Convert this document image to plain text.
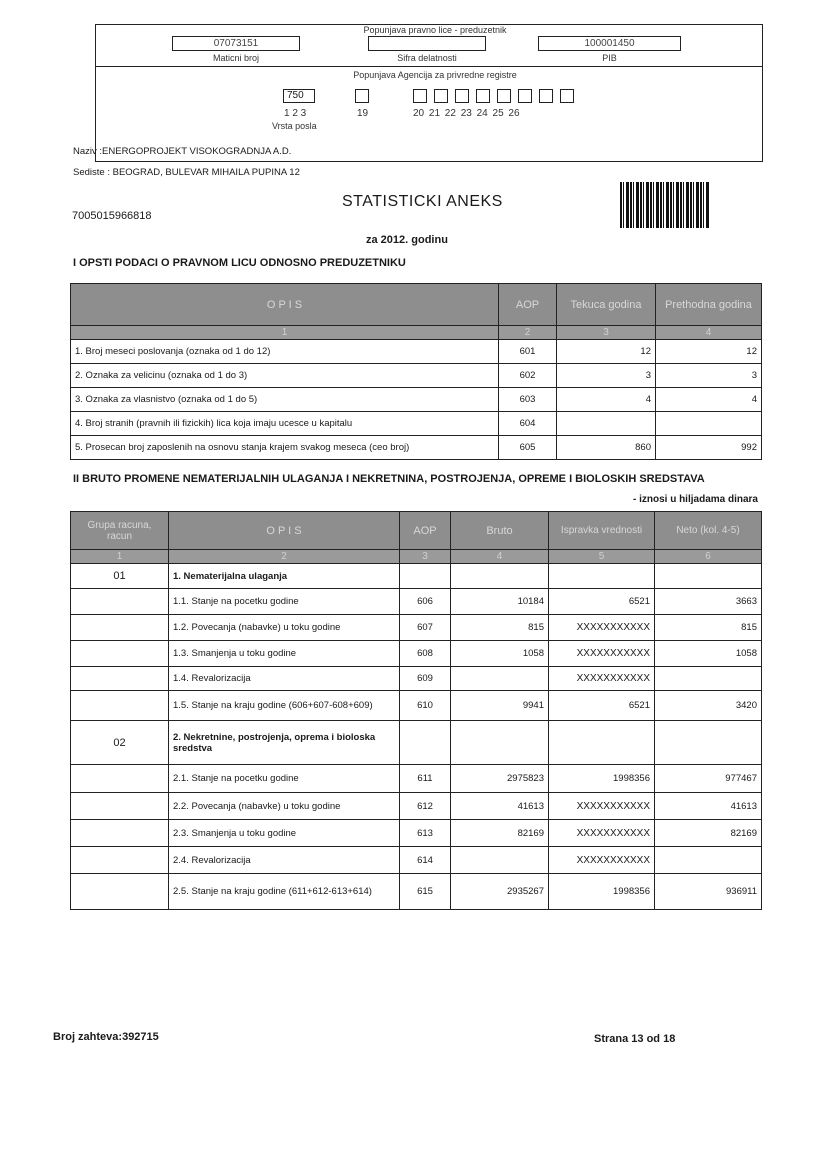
Popunjava pravno lice - preduzetnik
07073151
Maticni broj	Sifra delatnosti
100001450
PIB
Popunjava Agencija za privredne registre
750
1 2 3	19	20 21 22 23 24 25 26
Vrsta posla
Naziv :ENERGOPROJEKT VISOKOGRADNJA A.D.
Sediste : BEOGRAD, BULEVAR MIHAILA PUPINA 12
STATISTICKI ANEKS
7005015966818
za 2012. godinu
I OPSTI PODACI O PRAVNOM LICU ODNOSNO PREDUZETNIKU
O P I S	AOP	Tekuca godina	Prethodna godina
1	2	3	4
1. Broj meseci poslovanja (oznaka od 1 do 12)	601	12	12
2. Oznaka za velicinu (oznaka od 1 do 3)	602	3	3
3. Oznaka za vlasnistvo (oznaka od 1 do 5)	603	4	4
4. Broj stranih (pravnih ili fizickih) lica koja imaju ucesce u kapitalu	604		
5. Prosecan broj zaposlenih na osnovu stanja krajem svakog meseca (ceo broj)	605	860	992
II BRUTO PROMENE NEMATERIJALNIH ULAGANJA I NEKRETNINA, POSTROJENJA, OPREME I BIOLOSKIH SREDSTAVA
- iznosi u hiljadama dinara
Grupa racuna, racun	O P I S	AOP	Bruto	Ispravka vrednosti	Neto (kol. 4-5)
1	2	3	4	5	6
01	1. Nematerijalna ulaganja				
	1.1. Stanje na pocetku godine	606	10184	6521	3663
	1.2. Povecanja (nabavke) u toku godine	607	815	XXXXXXXXXXX	815
	1.3. Smanjenja u toku godine	608	1058	XXXXXXXXXXX	1058
	1.4. Revalorizacija	609		XXXXXXXXXXX	
	1.5. Stanje na kraju godine (606+607-608+609)	610	9941	6521	3420
02	2. Nekretnine, postrojenja, oprema i bioloska sredstva				
	2.1. Stanje na pocetku godine	611	2975823	1998356	977467
	2.2. Povecanja (nabavke) u toku godine	612	41613	XXXXXXXXXXX	41613
	2.3. Smanjenja u toku godine	613	82169	XXXXXXXXXXX	82169
	2.4. Revalorizacija	614		XXXXXXXXXXX	
	2.5. Stanje na kraju godine (611+612-613+614)	615	2935267	1998356	936911
Broj zahteva:392715	Strana 13 od 18
